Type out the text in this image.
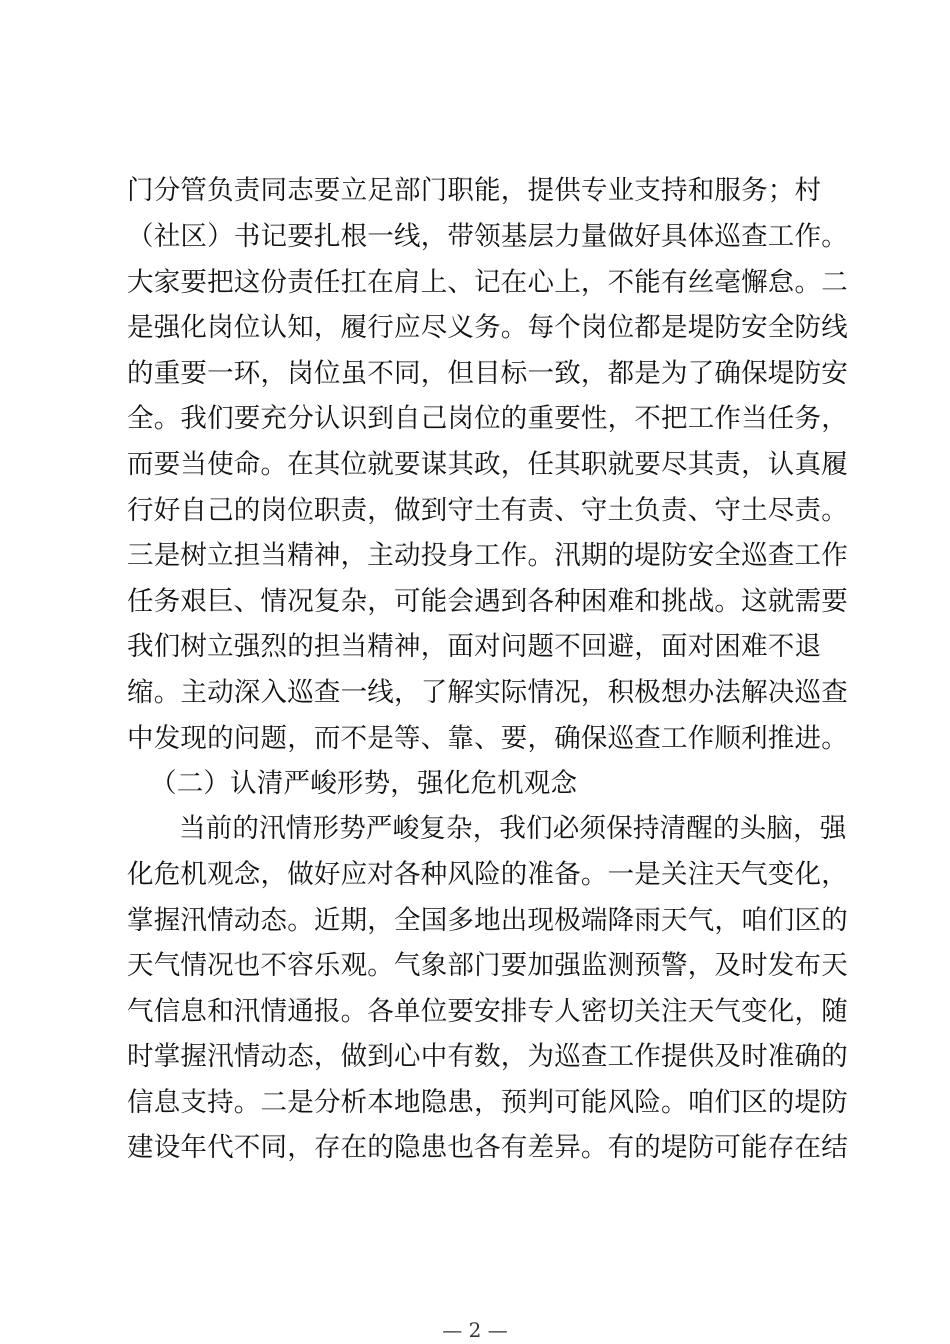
门分管负责同志要立足部门职能，提供专业支持和服务；村
（社区）书记要扎根一线，带领基层力量做好具体巡查工作。
大家要把这份责任扛在肩上、记在心上，不能有丝毫懈怠。二
是强化岗位认知，履行应尽义务。每个岗位都是堤防安全防线
的重要一环，岗位虽不同，但目标一致，都是为了确保堤防安
全。我们要充分认识到自己岗位的重要性，不把工作当任务，
而要当使命。在其位就要谋其政，任其职就要尽其责，认真履
行好自己的岗位职责，做到守土有责、守土负责、守土尽责。
三是树立担当精神，主动投身工作。汛期的堤防安全巡查工作
任务艰巨、情况复杂，可能会遇到各种困难和挑战。这就需要
我们树立强烈的担当精神，面对问题不回避，面对困难不退
缩。主动深入巡查一线，了解实际情况，积极想办法解决巡查
中发现的问题，而不是等、靠、要，确保巡查工作顺利推进。
（二）认清严峻形势，强化危机观念
当前的汛情形势严峻复杂，我们必须保持清醒的头脑，强
化危机观念，做好应对各种风险的准备。一是关注天气变化，
掌握汛情动态。近期，全国多地出现极端降雨天气，咱们区的
天气情况也不容乐观。气象部门要加强监测预警，及时发布天
气信息和汛情通报。各单位要安排专人密切关注天气变化，随
时掌握汛情动态，做到心中有数，为巡查工作提供及时准确的
信息支持。二是分析本地隐患，预判可能风险。咱们区的堤防
建设年代不同，存在的隐患也各有差异。有的堤防可能存在结
— 2 —
